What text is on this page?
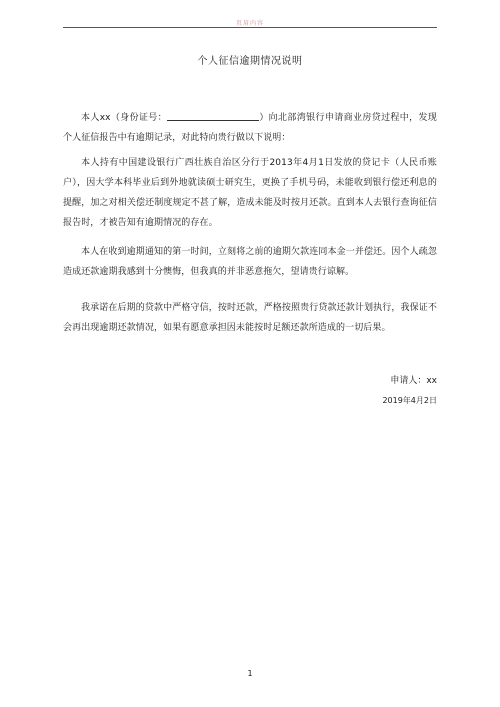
页眉内容
个人征信逾期情况说明

本人xx（身份证号：	）向北部湾银行申请商业房贷过程中，发现个人征信报告中有逾期记录，对此特向贵行做以下说明：

本人持有中国建设银行广西壮族自治区分行于2013年4月1日发放的贷记卡（人民币账户），因大学本科毕业后到外地就读硕士研究生，更换了手机号码，未能收到银行偿还利息的提醒，加之对相关偿还制度规定不甚了解，造成未能及时按月还款。直到本人去银行查询征信报告时，才被告知有逾期情况的存在。

本人在收到逾期通知的第一时间，立刻将之前的逾期欠款连同本金一并偿还。因个人疏忽造成还款逾期我感到十分懊悔，但我真的并非恶意拖欠，望请贵行谅解。

我承诺在后期的贷款中严格守信，按时还款，严格按照贵行贷款还款计划执行，我保证不会再出现逾期还款情况，如果有愿意承担因未能按时足额还款所造成的一切后果。

申请人：xx
2019年4月2日
1
